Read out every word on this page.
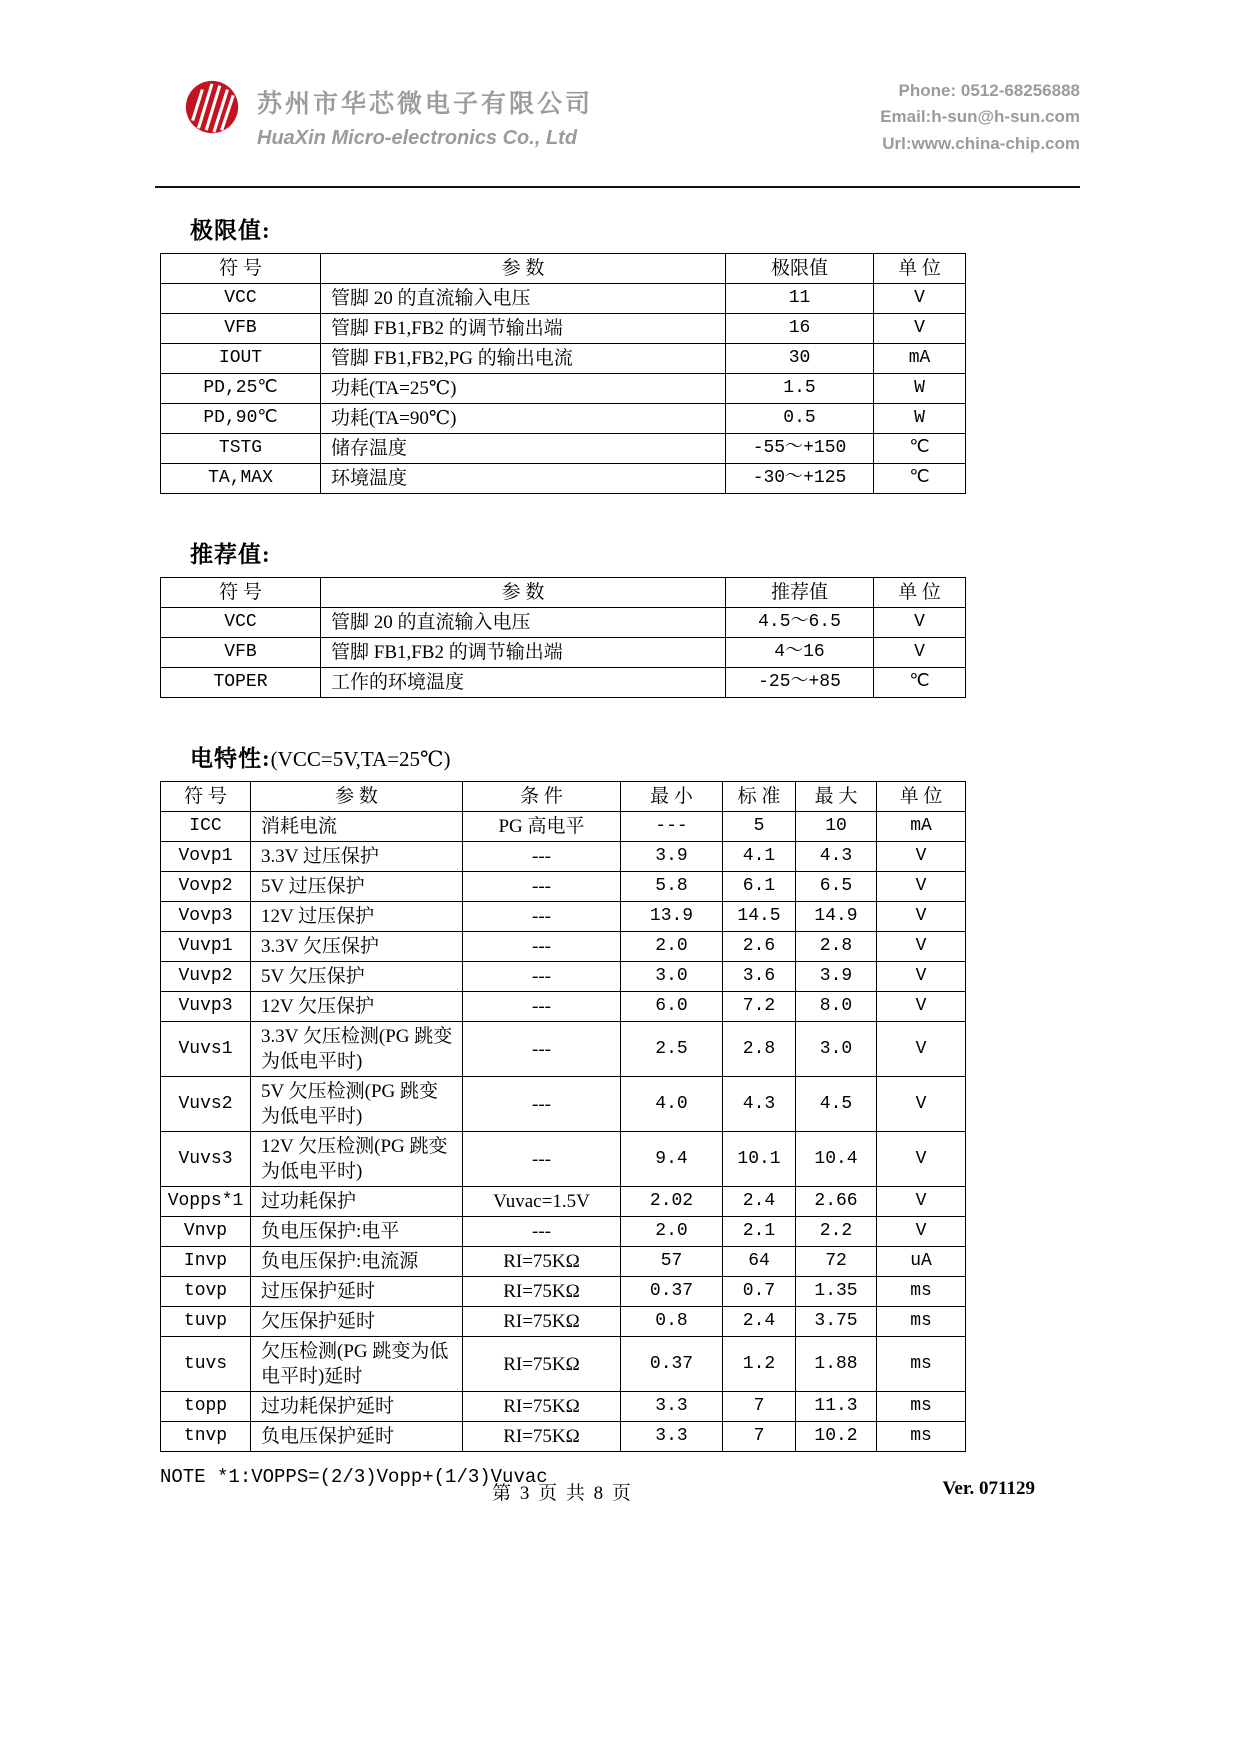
苏州市华芯微电子有限公司
HuaXin Micro-electronics Co., Ltd
Phone: 0512-68256888
Email:h-sun@h-sun.com
Url:www.china-chip.com
极限值:
符 号	参 数	极限值	单 位
VCC	管脚 20 的直流输入电压	11	V
VFB	管脚 FB1,FB2 的调节输出端	16	V
IOUT	管脚 FB1,FB2,PG 的输出电流	30	mA
PD,25℃	功耗(TA=25℃)	1.5	W
PD,90℃	功耗(TA=90℃)	0.5	W
TSTG	储存温度	-55～+150	℃
TA,MAX	环境温度	-30～+125	℃
推荐值:
符 号	参 数	推荐值	单 位
VCC	管脚 20 的直流输入电压	4.5～6.5	V
VFB	管脚 FB1,FB2 的调节输出端	4～16	V
TOPER	工作的环境温度	-25～+85	℃
电特性:(VCC=5V,TA=25℃)
符 号	参 数	条 件	最 小	标 准	最 大	单 位
ICC	消耗电流	PG 高电平	---	5	10	mA
Vovp1	3.3V 过压保护	---	3.9	4.1	4.3	V
Vovp2	5V 过压保护	---	5.8	6.1	6.5	V
Vovp3	12V 过压保护	---	13.9	14.5	14.9	V
Vuvp1	3.3V 欠压保护	---	2.0	2.6	2.8	V
Vuvp2	5V 欠压保护	---	3.0	3.6	3.9	V
Vuvp3	12V 欠压保护	---	6.0	7.2	8.0	V
Vuvs1	3.3V 欠压检测(PG 跳变为低电平时)	---	2.5	2.8	3.0	V
Vuvs2	5V 欠压检测(PG 跳变为低电平时)	---	4.0	4.3	4.5	V
Vuvs3	12V 欠压检测(PG 跳变为低电平时)	---	9.4	10.1	10.4	V
Vopps*1	过功耗保护	Vuvac=1.5V	2.02	2.4	2.66	V
Vnvp	负电压保护:电平	---	2.0	2.1	2.2	V
Invp	负电压保护:电流源	RI=75KΩ	57	64	72	uA
tovp	过压保护延时	RI=75KΩ	0.37	0.7	1.35	ms
tuvp	欠压保护延时	RI=75KΩ	0.8	2.4	3.75	ms
tuvs	欠压检测(PG 跳变为低电平时)延时	RI=75KΩ	0.37	1.2	1.88	ms
topp	过功耗保护延时	RI=75KΩ	3.3	7	11.3	ms
tnvp	负电压保护延时	RI=75KΩ	3.3	7	10.2	ms
NOTE *1:VOPPS=(2/3)Vopp+(1/3)Vuvac
第 3 页 共 8 页	Ver. 071129
